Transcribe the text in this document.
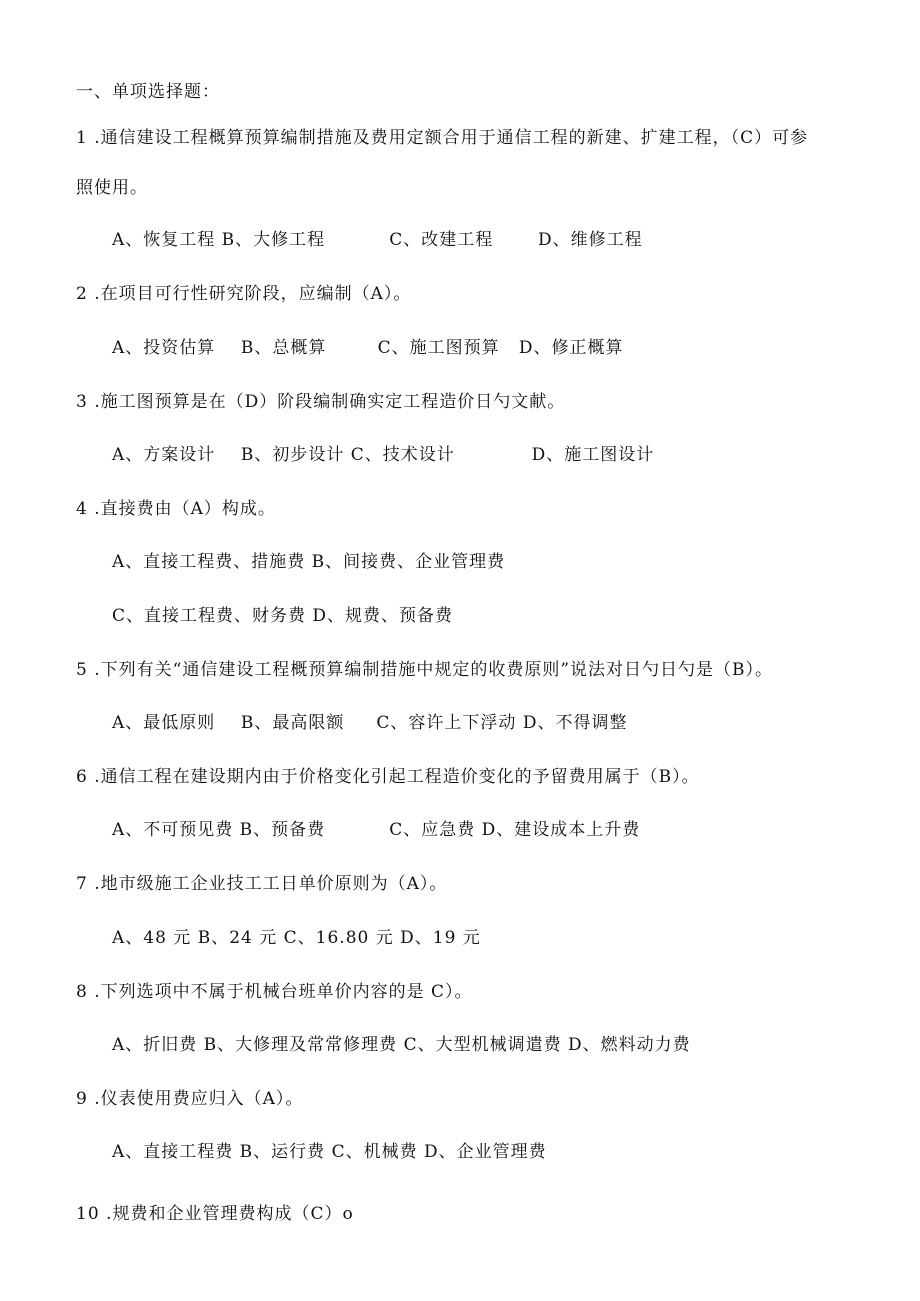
一、单项选择题：
1 .通信建设工程概算预算编制措施及费用定额合用于通信工程的新建、扩建工程，（C）可参
照使用。
A、恢复工程 B、大修工程          C、改建工程       D、维修工程
2 .在项目可行性研究阶段，应编制（A）。
A、投资估算    B、总概算        C、施工图预算   D、修正概算
3 .施工图预算是在（D）阶段编制确实定工程造价日勺文献。
A、方案设计    B、初步设计 C、技术设计            D、施工图设计
4 .直接费由（A）构成。
A、直接工程费、措施费 B、间接费、企业管理费
C、直接工程费、财务费 D、规费、预备费
5 .下列有关“通信建设工程概预算编制措施中规定的收费原则”说法对日勺日勺是（B）。
A、最低原则    B、最高限额     C、容许上下浮动 D、不得调整
6 .通信工程在建设期内由于价格变化引起工程造价变化的予留费用属于（B）。
A、不可预见费 B、预备费          C、应急费 D、建设成本上升费
7 .地市级施工企业技工工日单价原则为（A）。
A、48 元 B、24 元 C、16.80 元 D、19 元
8 .下列选项中不属于机械台班单价内容的是 C）。
A、折旧费 B、大修理及常常修理费 C、大型机械调遣费 D、燃料动力费
9 .仪表使用费应归入（A）。
A、直接工程费 B、运行费 C、机械费 D、企业管理费
10 .规费和企业管理费构成（C）o
